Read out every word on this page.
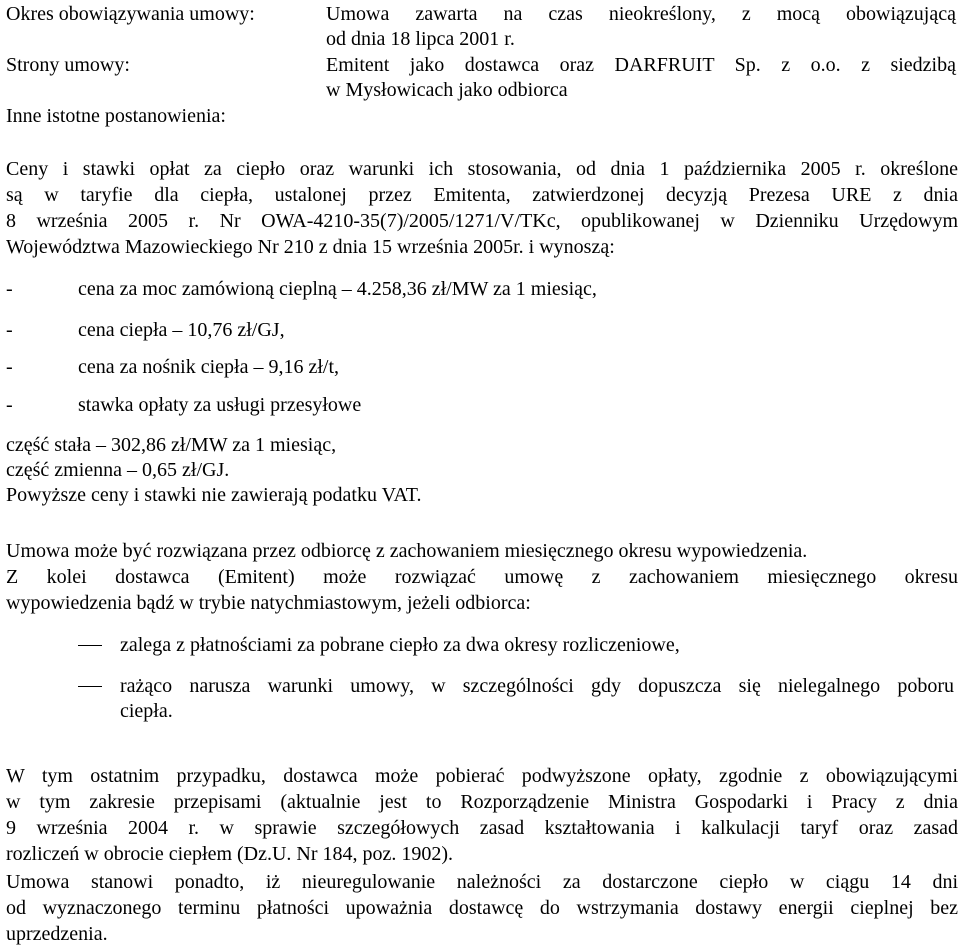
Okres obowiązywania umowy:	Umowa zawarta na czas nieokreślony, z mocą obowiązującą
od dnia 18 lipca 2001 r.
Strony umowy:	Emitent jako dostawca oraz DARFRUIT Sp. z o.o. z siedzibą
w Mysłowicach jako odbiorca
Inne istotne postanowienia:
Ceny i stawki opłat za ciepło oraz warunki ich stosowania, od dnia 1 października 2005 r. określone
są w taryfie dla ciepła, ustalonej przez Emitenta, zatwierdzonej decyzją Prezesa URE z dnia
8 września 2005 r. Nr OWA-4210-35(7)/2005/1271/V/TKc, opublikowanej w Dzienniku Urzędowym
Województwa Mazowieckiego Nr 210 z dnia 15 września 2005r. i wynoszą:
-	cena za moc zamówioną cieplną – 4.258,36 zł/MW za 1 miesiąc,
-	cena ciepła – 10,76 zł/GJ,
-	cena za nośnik ciepła – 9,16 zł/t,
-	stawka opłaty za usługi przesyłowe
część stała – 302,86 zł/MW za 1 miesiąc,
część zmienna – 0,65 zł/GJ.
Powyższe ceny i stawki nie zawierają podatku VAT.
Umowa może być rozwiązana przez odbiorcę z zachowaniem miesięcznego okresu wypowiedzenia.
Z kolei dostawca (Emitent) może rozwiązać umowę z zachowaniem miesięcznego okresu
wypowiedzenia bądź w trybie natychmiastowym, jeżeli odbiorca:
zalega z płatnościami za pobrane ciepło za dwa okresy rozliczeniowe,
rażąco narusza warunki umowy, w szczególności gdy dopuszcza się nielegalnego poboru
ciepła.
W tym ostatnim przypadku, dostawca może pobierać podwyższone opłaty, zgodnie z obowiązującymi
w tym zakresie przepisami (aktualnie jest to Rozporządzenie Ministra Gospodarki i Pracy z dnia
9 września 2004 r. w sprawie szczegółowych zasad kształtowania i kalkulacji taryf oraz zasad
rozliczeń w obrocie ciepłem (Dz.U. Nr 184, poz. 1902).
Umowa stanowi ponadto, iż nieuregulowanie należności za dostarczone ciepło w ciągu 14 dni
od wyznaczonego terminu płatności upoważnia dostawcę do wstrzymania dostawy energii cieplnej bez
uprzedzenia.
